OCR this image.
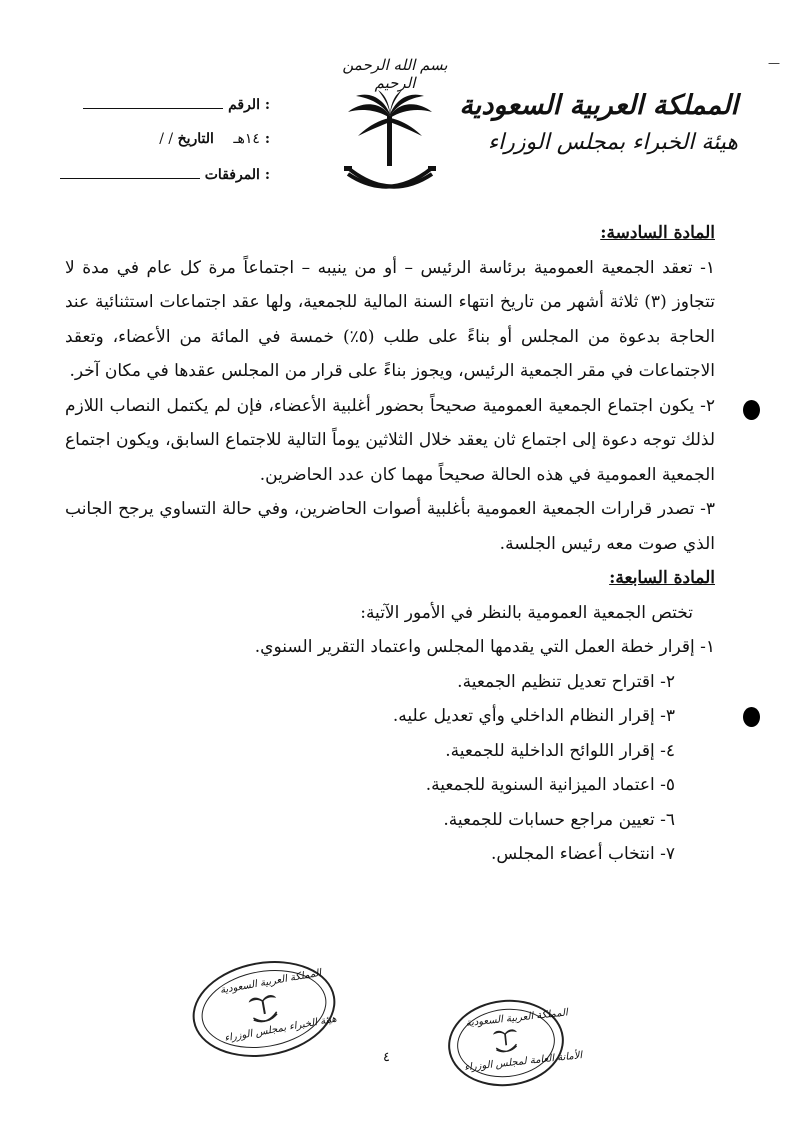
بسم الله الرحمن الرحيم
المملكة العربية السعودية
هيئة الخبراء بمجلس الوزراء
الرقم :
/ / ١٤هـ    التاريخ :
المرفقات :
—
المادة السادسة:

١- تعقد الجمعية العمومية برئاسة الرئيس – أو من ينيبه – اجتماعاً مرة كل عام في مدة لا تتجاوز (٣) ثلاثة أشهر من تاريخ انتهاء السنة المالية للجمعية، ولها عقد اجتماعات استثنائية عند الحاجة بدعوة من المجلس أو بناءً على طلب (٥٪) خمسة في المائة من الأعضاء، وتعقد الاجتماعات في مقر الجمعية الرئيس، ويجوز بناءً على قرار من المجلس عقدها في مكان آخر.

٢- يكون اجتماع الجمعية العمومية صحيحاً بحضور أغلبية الأعضاء، فإن لم يكتمل النصاب اللازم لذلك توجه دعوة إلى اجتماع ثان يعقد خلال الثلاثين يوماً التالية للاجتماع السابق، ويكون اجتماع الجمعية العمومية في هذه الحالة صحيحاً مهما كان عدد الحاضرين.

٣- تصدر قرارات الجمعية العمومية بأغلبية أصوات الحاضرين، وفي حالة التساوي يرجح الجانب الذي صوت معه رئيس الجلسة.

المادة السابعة:

تختص الجمعية العمومية بالنظر في الأمور الآتية:

١- إقرار خطة العمل التي يقدمها المجلس واعتماد التقرير السنوي.

٢- اقتراح تعديل تنظيم الجمعية.

٣- إقرار النظام الداخلي وأي تعديل عليه.

٤- إقرار اللوائح الداخلية للجمعية.

٥- اعتماد الميزانية السنوية للجمعية.

٦- تعيين مراجع حسابات للجمعية.

٧- انتخاب أعضاء المجلس.

المملكة العربية السعودية
هيئة الخبراء بمجلس الوزراء
٤
المملكة العربية السعودية
الأمانة العامة لمجلس الوزراء
